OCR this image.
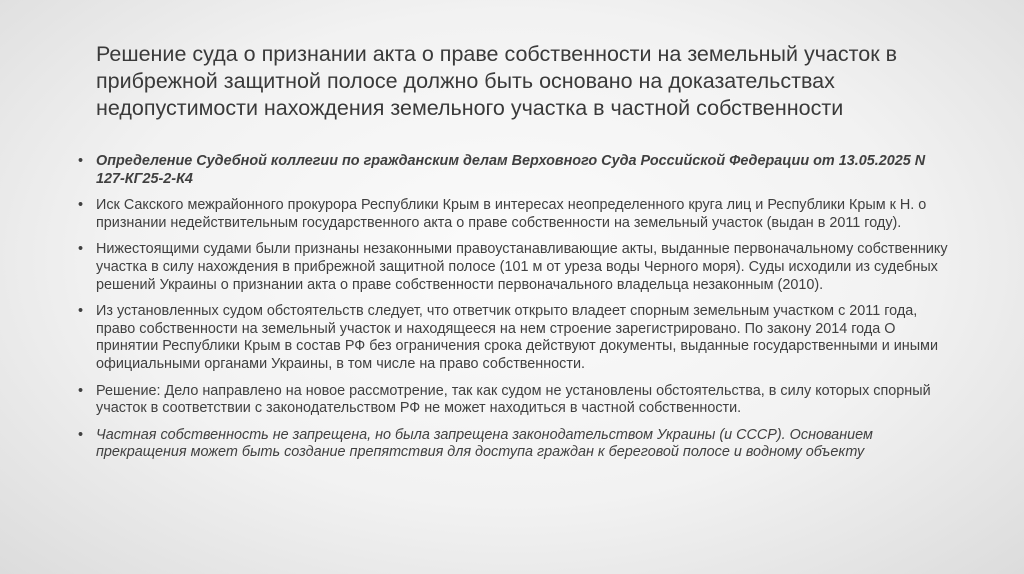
Решение суда о признании акта о праве собственности на земельный участок в прибрежной защитной полосе должно быть основано на доказательствах недопустимости нахождения земельного участка в частной собственности
• Определение Судебной коллегии по гражданским делам Верховного Суда Российской Федерации от 13.05.2025 N 127-КГ25-2-К4
• Иск Сакского межрайонного прокурора Республики Крым в интересах неопределенного круга лиц и Республики Крым к Н. о признании недействительным государственного акта о праве собственности на земельный участок (выдан в 2011 году).
• Нижестоящими судами были признаны незаконными правоустанавливающие акты, выданные первоначальному собственнику участка в силу нахождения в прибрежной защитной полосе (101 м от уреза воды Черного моря). Суды исходили из судебных решений Украины о признании акта о праве собственности первоначального владельца незаконным (2010).
• Из установленных судом обстоятельств следует, что ответчик открыто владеет спорным земельным участком с 2011 года, право собственности на земельный участок и находящееся на нем строение зарегистрировано. По закону 2014 года О принятии Республики Крым в состав РФ без ограничения срока действуют документы, выданные государственными и иными официальными органами Украины, в том числе на право собственности.
• Решение: Дело направлено на новое рассмотрение, так как судом не установлены обстоятельства, в силу которых спорный участок в соответствии с законодательством РФ не может находиться в частной собственности.
• Частная собственность не запрещена, но была запрещена законодательством Украины (и СССР). Основанием прекращения может быть создание препятствия для доступа граждан к береговой полосе и водному объекту
